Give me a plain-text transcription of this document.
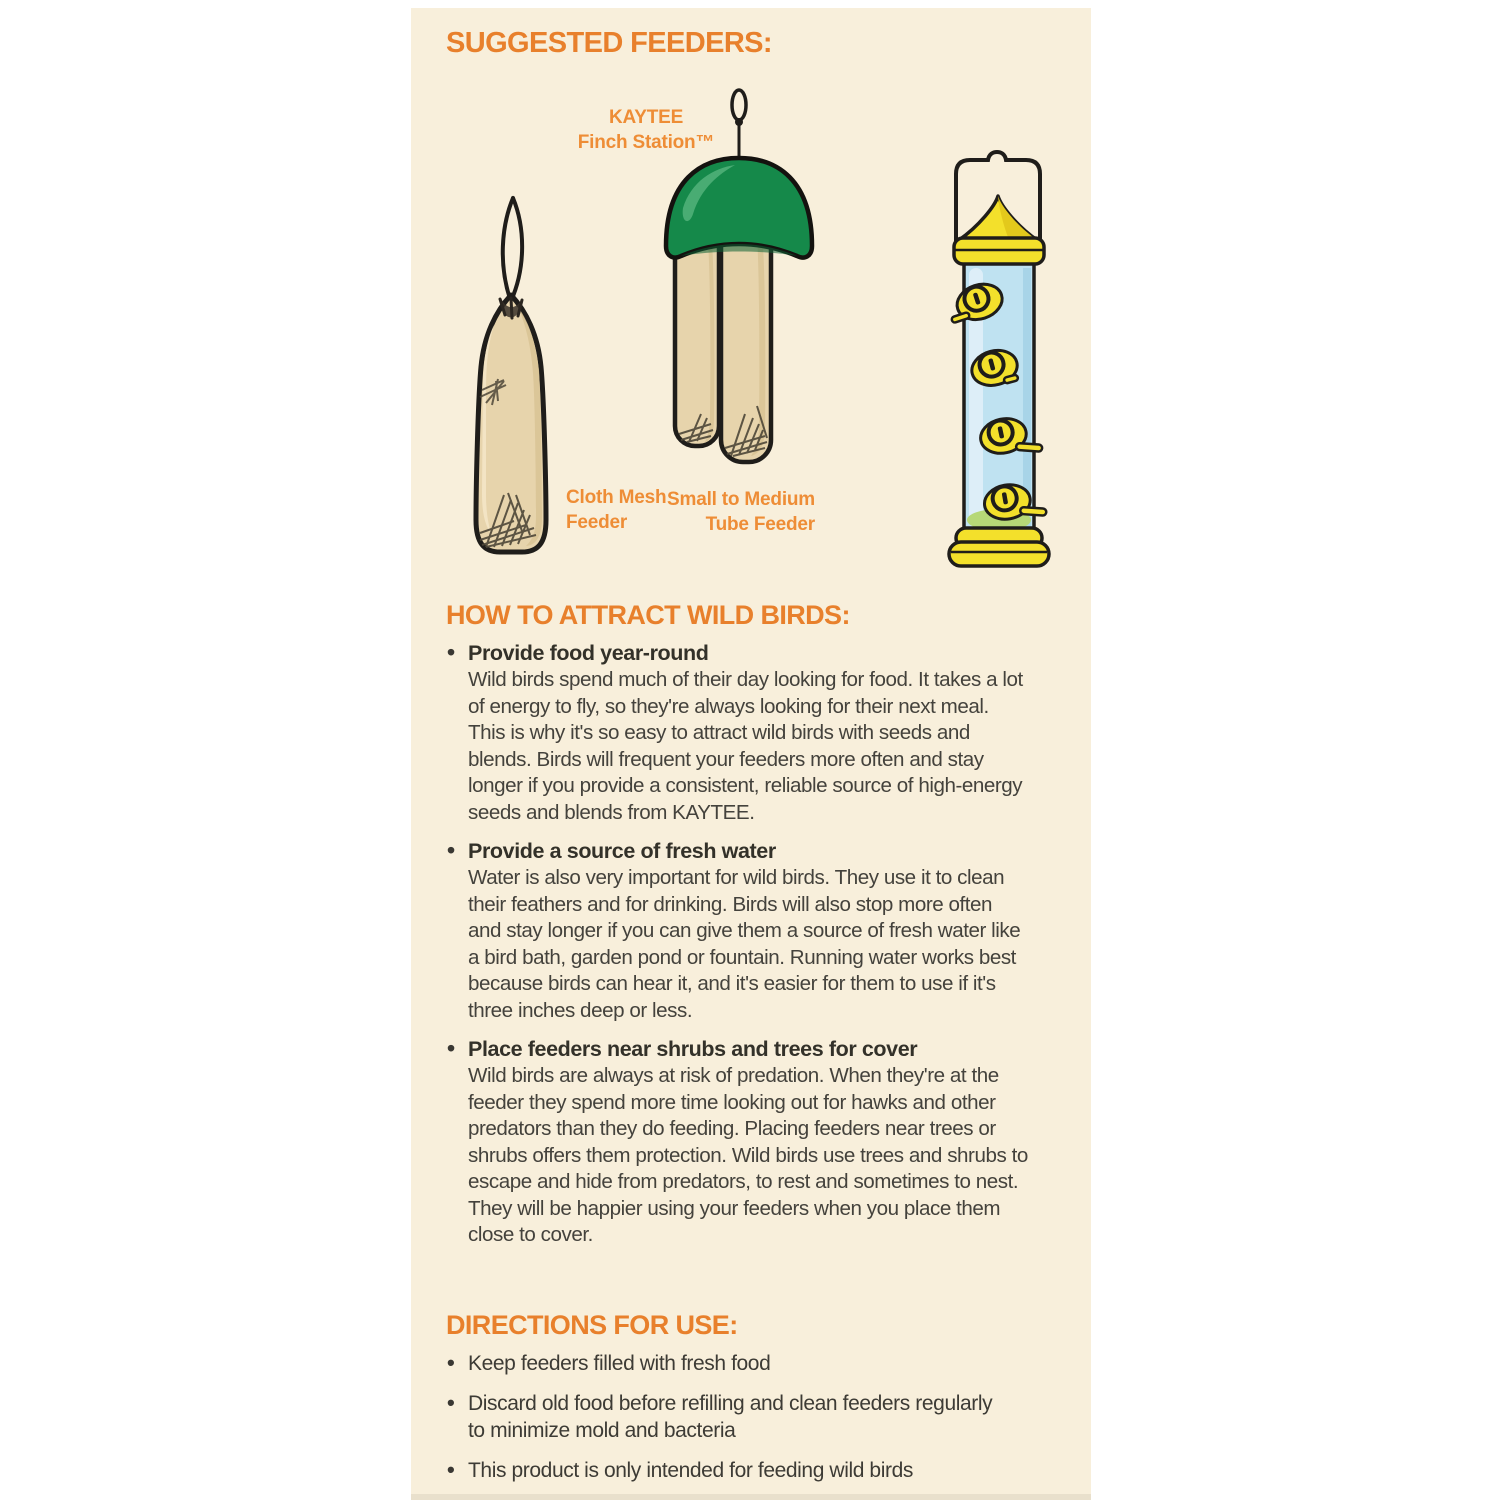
SUGGESTED FEEDERS:
KAYTEE
Finch Station™
Cloth Mesh
Feeder
Small to Medium
Tube Feeder
HOW TO ATTRACT WILD BIRDS:
• Provide food year-round
Wild birds spend much of their day looking for food. It takes a lot of energy to fly, so they're always looking for their next meal. This is why it's so easy to attract wild birds with seeds and blends. Birds will frequent your feeders more often and stay longer if you provide a consistent, reliable source of high-energy seeds and blends from KAYTEE.
• Provide a source of fresh water
Water is also very important for wild birds. They use it to clean their feathers and for drinking. Birds will also stop more often and stay longer if you can give them a source of fresh water like a bird bath, garden pond or fountain. Running water works best because birds can hear it, and it's easier for them to use if it's three inches deep or less.
• Place feeders near shrubs and trees for cover
Wild birds are always at risk of predation. When they're at the feeder they spend more time looking out for hawks and other predators than they do feeding. Placing feeders near trees or shrubs offers them protection. Wild birds use trees and shrubs to escape and hide from predators, to rest and sometimes to nest. They will be happier using your feeders when you place them close to cover.
DIRECTIONS FOR USE:
• Keep feeders filled with fresh food
• Discard old food before refilling and clean feeders regularly to minimize mold and bacteria
• This product is only intended for feeding wild birds
